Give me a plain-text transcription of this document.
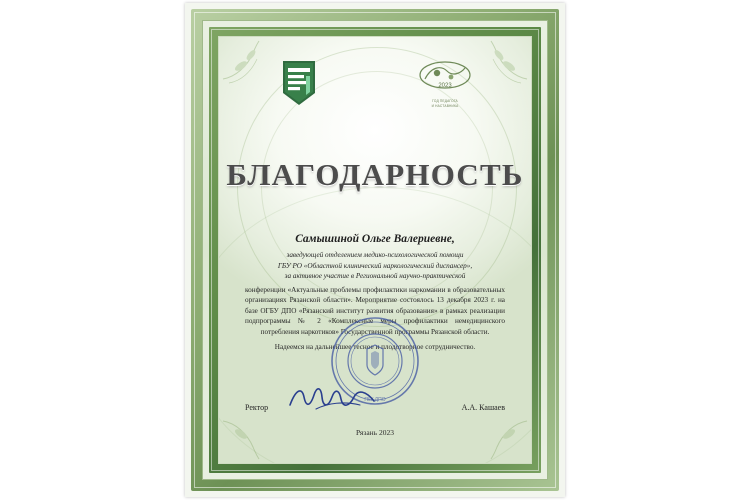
2023
ГОД ПЕДАГОГА
И НАСТАВНИКА
БЛАГОДАРНОСТЬ
Самышиной Ольге Валериевне,
заведующей отделением медико-психологической помощи
ГБУ РО «Областной клинический наркологический диспансер»,
за активное участие в Региональной научно-практической
конференции «Актуальные проблемы профилактики наркомании в образовательных организациях Рязанской области». Мероприятие состоялось 13 декабря 2023 г. на базе ОГБУ ДПО «Рязанский институт развития образования» в рамках реализации подпрограммы № 2 «Комплексные меры профилактики немедицинского потребления наркотиков» Государственной программы Рязанской области.
Надеемся на дальнейшее тесное и плодотворное сотрудничество.
ГБУ ДПО
Ректор	А.А. Кашаев
Рязань 2023
